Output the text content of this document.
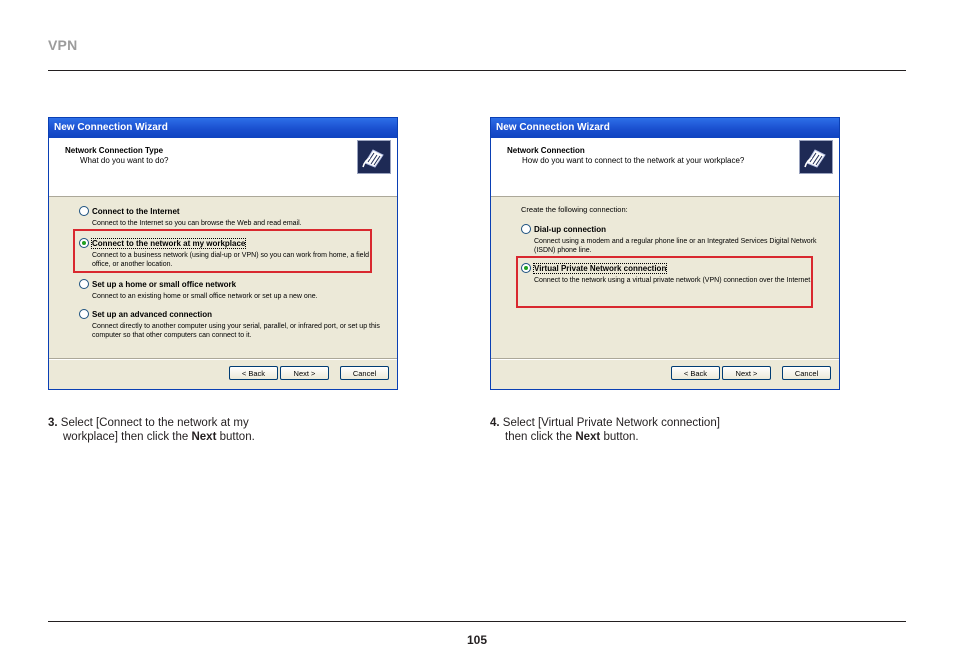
VPN
New Connection Wizard
Network Connection Type
What do you want to do?
Connect to the Internet
Connect to the Internet so you can browse the Web and read email.
Connect to the network at my workplace
Connect to a business network (using dial-up or VPN) so you can work from home, a field office, or another location.
Set up a home or small office network
Connect to an existing home or small office network or set up a new one.
Set up an advanced connection
Connect directly to another computer using your serial, parallel, or infrared port, or set up this computer so that other computers can connect to it.
< Back	Next >	Cancel
New Connection Wizard
Network Connection
How do you want to connect to the network at your workplace?
Create the following connection:
Dial-up connection
Connect using a modem and a regular phone line or an Integrated Services Digital Network (ISDN) phone line.
Virtual Private Network connection
Connect to the network using a virtual private network (VPN) connection over the Internet.
< Back	Next >	Cancel
3. Select [Connect to the network at my
workplace] then click the Next button.
4. Select [Virtual Private Network connection]
then click the Next button.
105
